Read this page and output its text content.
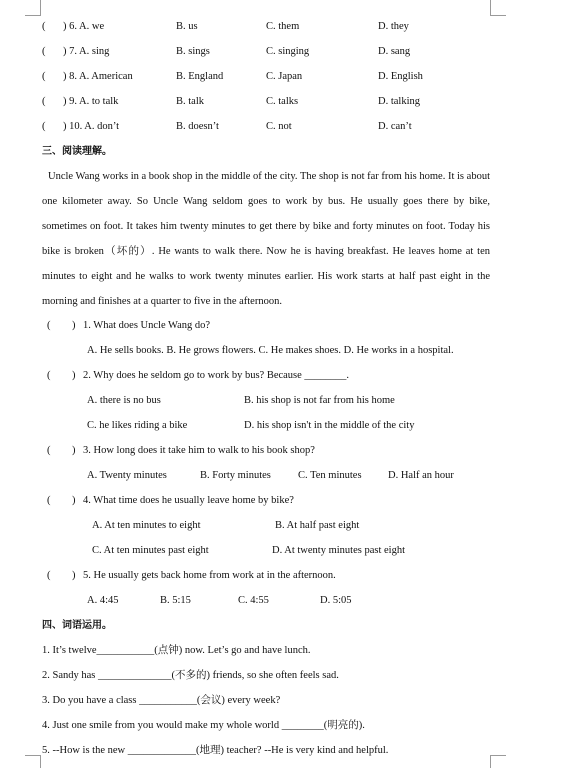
( ) 6. A. we	B. us	C. them	D. they
( ) 7. A. sing	B. sings	C. singing	D. sang
( ) 8. A. American	B. England	C. Japan	D. English
( ) 9. A. to talk	B. talk	C. talks	D. talking
( ) 10. A. don’t	B. doesn’t	C. not	D. can’t
三、阅读理解。
Uncle Wang works in a book shop in the middle of the city. The shop is not far from his home. It is about one kilometer away. So Uncle Wang seldom goes to work by bus. He usually goes there by bike, sometimes on foot. It takes him twenty minutes to get there by bike and forty minutes on foot. Today his bike is broken（坏的）. He wants to walk there. Now he is having breakfast. He leaves home at ten minutes to eight and he walks to work twenty minutes earlier. His work starts at half past eight in the morning and finishes at a quarter to five in the afternoon.
( ) 1. What does Uncle Wang do?
A. He sells books. B. He grows flowers. C. He makes shoes. D. He works in a hospital.
( ) 2. Why does he seldom go to work by bus? Because ________.
A. there is no bus	B. his shop is not far from his home
C. he likes riding a bike	D. his shop isn't in the middle of the city
( ) 3. How long does it take him to walk to his book shop?
A. Twenty minutes	B. Forty minutes	C. Ten minutes	D. Half an hour
( ) 4. What time does he usually leave home by bike?
A. At ten minutes to eight	B. At half past eight
C. At ten minutes past eight	D. At twenty minutes past eight
( ) 5. He usually gets back home from work at in the afternoon.
A. 4:45	B. 5:15	C. 4:55	D. 5:05
四、词语运用。
1. It’s twelve___________(点钟) now. Let’s go and have lunch.
2. Sandy has ______________(不多的) friends, so she often feels sad.
3. Do you have a class ___________(会议) every week?
4. Just one smile from you would make my whole world ________(明亮的).
5. --How is the new _____________(地理) teacher? --He is very kind and helpful.
